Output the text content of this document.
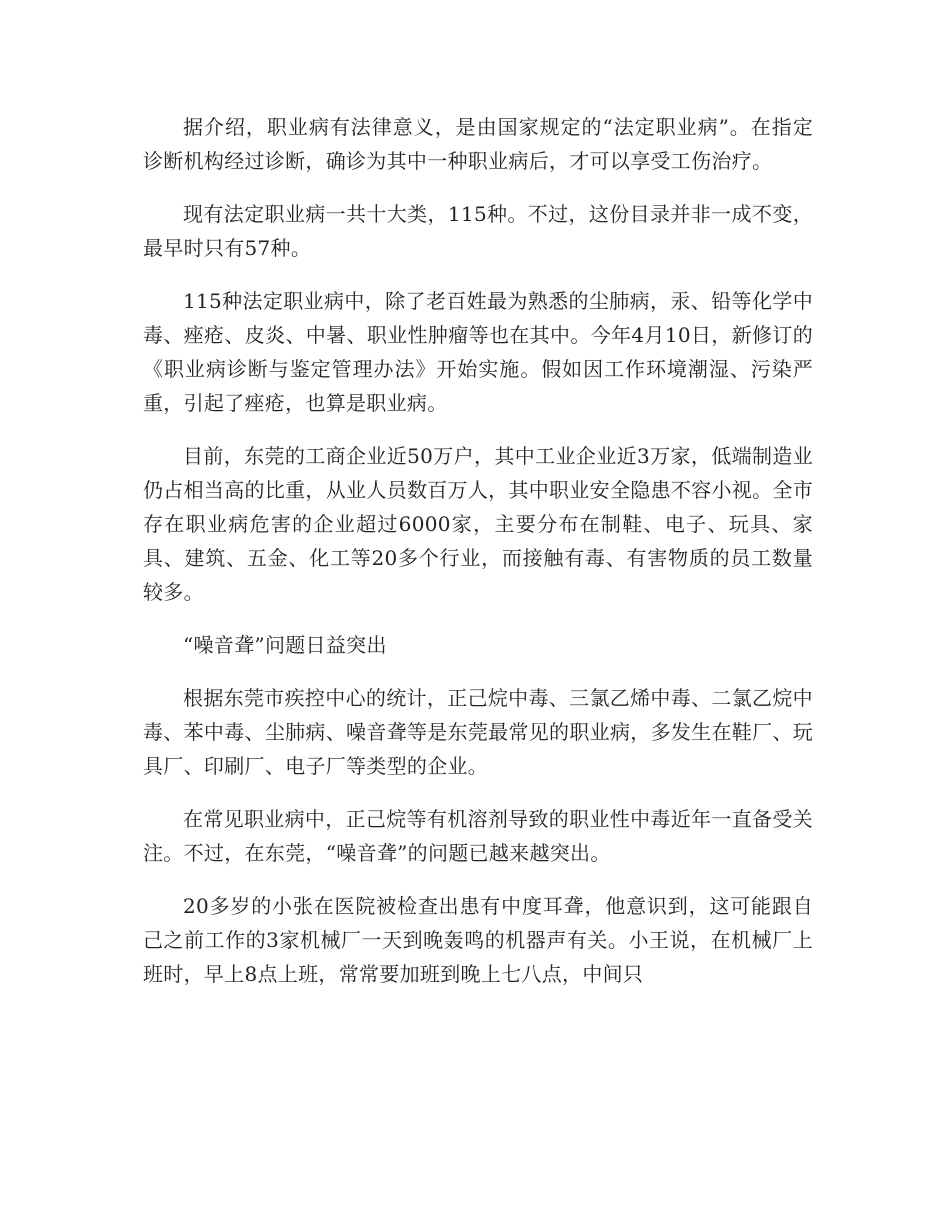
据介绍，职业病有法律意义，是由国家规定的“法定职业病”。在指定诊断机构经过诊断，确诊为其中一种职业病后，才可以享受工伤治疗。

现有法定职业病一共十大类，115种。不过，这份目录并非一成不变，最早时只有57种。

115种法定职业病中，除了老百姓最为熟悉的尘肺病，汞、铅等化学中毒、痤疮、皮炎、中暑、职业性肿瘤等也在其中。今年4月10日，新修订的《职业病诊断与鉴定管理办法》开始实施。假如因工作环境潮湿、污染严重，引起了痤疮，也算是职业病。

目前，东莞的工商企业近50万户，其中工业企业近3万家，低端制造业仍占相当高的比重，从业人员数百万人，其中职业安全隐患不容小视。全市存在职业病危害的企业超过6000家，主要分布在制鞋、电子、玩具、家具、建筑、五金、化工等20多个行业，而接触有毒、有害物质的员工数量较多。

“噪音聋”问题日益突出

根据东莞市疾控中心的统计，正己烷中毒、三氯乙烯中毒、二氯乙烷中毒、苯中毒、尘肺病、噪音聋等是东莞最常见的职业病，多发生在鞋厂、玩具厂、印刷厂、电子厂等类型的企业。

在常见职业病中，正己烷等有机溶剂导致的职业性中毒近年一直备受关注。不过，在东莞，“噪音聋”的问题已越来越突出。

20多岁的小张在医院被检查出患有中度耳聋，他意识到，这可能跟自己之前工作的3家机械厂一天到晚轰鸣的机器声有关。小王说，在机械厂上班时，早上8点上班，常常要加班到晚上七八点，中间只
